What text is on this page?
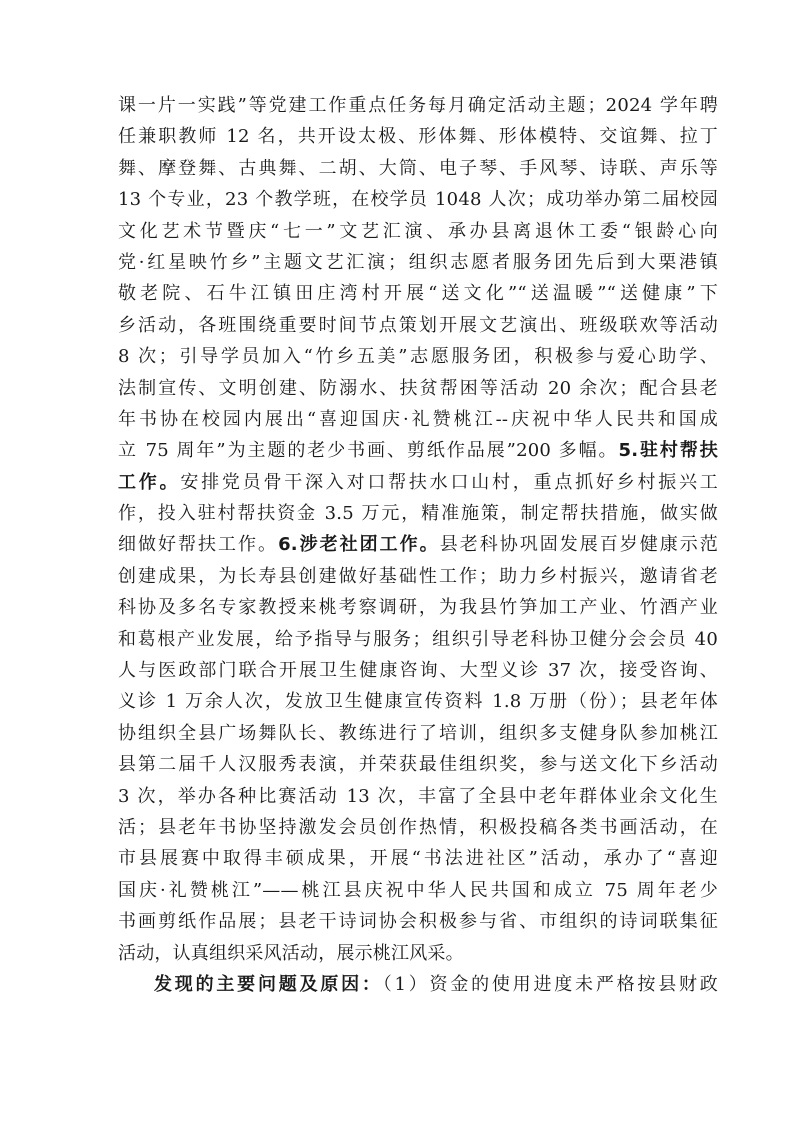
课一片一实践”等党建工作重点任务每月确定活动主题；2024 学年聘
任兼职教师 12 名，共开设太极、形体舞、形体模特、交谊舞、拉丁
舞、摩登舞、古典舞、二胡、大筒、电子琴、手风琴、诗联、声乐等
13 个专业，23 个教学班，在校学员 1048 人次；成功举办第二届校园
文化艺术节暨庆“七一”文艺汇演、承办县离退休工委“银龄心向
党·红星映竹乡”主题文艺汇演；组织志愿者服务团先后到大栗港镇
敬老院、石牛江镇田庄湾村开展“送文化”“送温暖”“送健康”下
乡活动，各班围绕重要时间节点策划开展文艺演出、班级联欢等活动
8 次；引导学员加入“竹乡五美”志愿服务团，积极参与爱心助学、
法制宣传、文明创建、防溺水、扶贫帮困等活动 20 余次；配合县老
年书协在校园内展出“喜迎国庆·礼赞桃江--庆祝中华人民共和国成
立 75 周年”为主题的老少书画、剪纸作品展”200 多幅。5.驻村帮扶
工作。安排党员骨干深入对口帮扶水口山村，重点抓好乡村振兴工
作，投入驻村帮扶资金 3.5 万元，精准施策，制定帮扶措施，做实做
细做好帮扶工作。6.涉老社团工作。县老科协巩固发展百岁健康示范
创建成果，为长寿县创建做好基础性工作；助力乡村振兴，邀请省老
科协及多名专家教授来桃考察调研，为我县竹笋加工产业、竹酒产业
和葛根产业发展，给予指导与服务；组织引导老科协卫健分会会员 40
人与医政部门联合开展卫生健康咨询、大型义诊 37 次，接受咨询、
义诊 1 万余人次，发放卫生健康宣传资料 1.8 万册（份）；县老年体
协组织全县广场舞队长、教练进行了培训，组织多支健身队参加桃江
县第二届千人汉服秀表演，并荣获最佳组织奖，参与送文化下乡活动
3 次，举办各种比赛活动 13 次，丰富了全县中老年群体业余文化生
活；县老年书协坚持激发会员创作热情，积极投稿各类书画活动，在
市县展赛中取得丰硕成果，开展“书法进社区”活动，承办了“喜迎
国庆·礼赞桃江”——桃江县庆祝中华人民共国和成立 75 周年老少
书画剪纸作品展；县老干诗词协会积极参与省、市组织的诗词联集征
活动，认真组织采风活动，展示桃江风采。
发现的主要问题及原因：（1）资金的使用进度未严格按县财政
